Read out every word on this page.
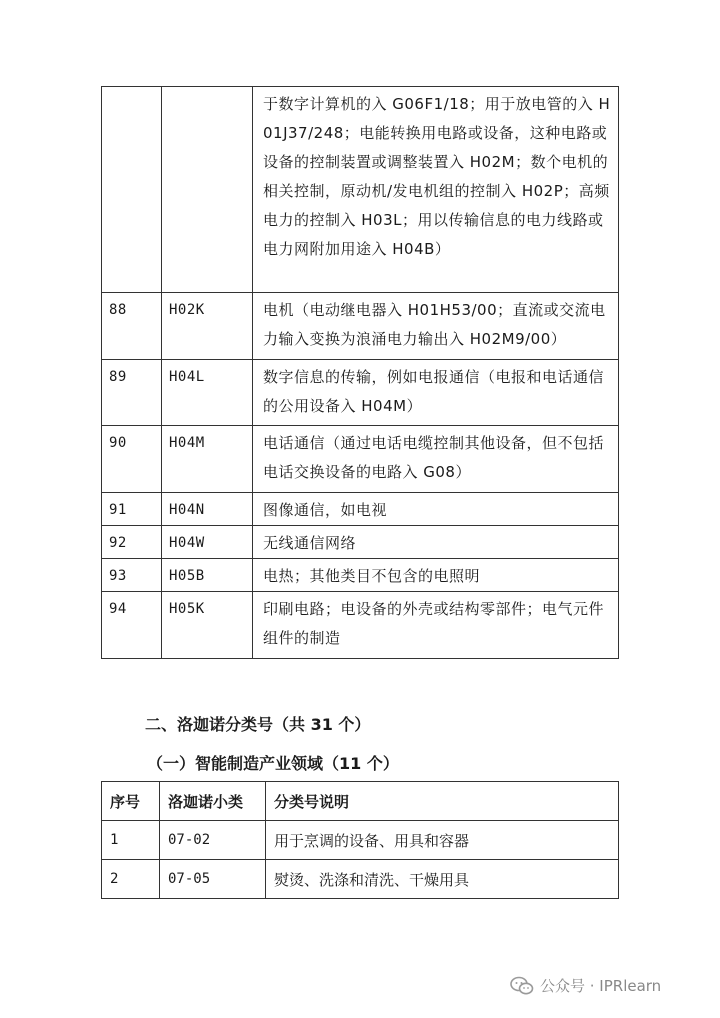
		于数字计算机的入 G06F1/18；用于放电管的入 H01J37/248；电能转换用电路或设备，这种电路或设备的控制装置或调整装置入 H02M；数个电机的相关控制，原动机/发电机组的控制入 H02P；高频电力的控制入 H03L；用以传输信息的电力线路或电力网附加用途入 H04B）
88	H02K	电机（电动继电器入 H01H53/00；直流或交流电力输入变换为浪涌电力输出入 H02M9/00）
89	H04L	数字信息的传输，例如电报通信（电报和电话通信的公用设备入 H04M）
90	H04M	电话通信（通过电话电缆控制其他设备，但不包括电话交换设备的电路入 G08）
91	H04N	图像通信，如电视
92	H04W	无线通信网络
93	H05B	电热；其他类目不包含的电照明
94	H05K	印刷电路；电设备的外壳或结构零部件；电气元件组件的制造
二、洛迦诺分类号（共 31 个）
（一）智能制造产业领域（11 个）
序号	洛迦诺小类	分类号说明
1	07-02	用于烹调的设备、用具和容器
2	07-05	熨烫、洗涤和清洗、干燥用具
公众号 · IPRlearn
